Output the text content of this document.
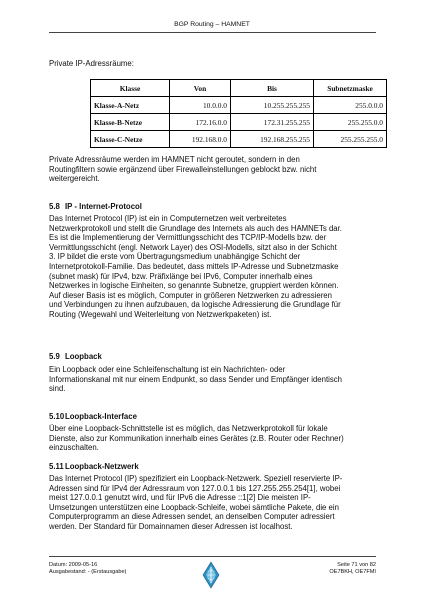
BGP Routing – HAMNET

Private IP-Adressräume:

Klasse	Von	Bis	Subnetzmaske
Klasse-A-Netz	10.0.0.0	10.255.255.255	255.0.0.0
Klasse-B-Netze	172.16.0.0	172.31.255.255	255.255.0.0
Klasse-C-Netze	192.168.0.0	192.168.255.255	255.255.255.0

Private Adressräume werden im HAMNET nicht geroutet, sondern in den
Routingfiltern sowie ergänzend über Firewalleinstellungen geblockt bzw. nicht
weitergereicht.

5.8 IP - Internet-Protocol

Das Internet Protocol (IP) ist ein in Computernetzen weit verbreitetes
Netzwerkprotokoll und stellt die Grundlage des Internets als auch des HAMNETs dar.
Es ist die Implementierung der Vermittlungsschicht des TCP/IP-Modells bzw. der
Vermittlungsschicht (engl. Network Layer) des OSI-Modells, sitzt also in der Schicht
3. IP bildet die erste vom Übertragungsmedium unabhängige Schicht der
Internetprotokoll-Familie. Das bedeutet, dass mittels IP-Adresse und Subnetzmaske
(subnet mask) für IPv4, bzw. Präfixlänge bei IPv6, Computer innerhalb eines
Netzwerkes in logische Einheiten, so genannte Subnetze, gruppiert werden können.
Auf dieser Basis ist es möglich, Computer in größeren Netzwerken zu adressieren
und Verbindungen zu ihnen aufzubauen, da logische Adressierung die Grundlage für
Routing (Wegewahl und Weiterleitung von Netzwerkpaketen) ist.

5.9 Loopback

Ein Loopback oder eine Schleifenschaltung ist ein Nachrichten- oder
Informationskanal mit nur einem Endpunkt, so dass Sender und Empfänger identisch
sind.

5.10Loopback-Interface

Über eine Loopback-Schnittstelle ist es möglich, das Netzwerkprotokoll für lokale
Dienste, also zur Kommunikation innerhalb eines Gerätes (z.B. Router oder Rechner)
einzuschalten.

5.11Loopback-Netzwerk

Das Internet Protocol (IP) spezifiziert ein Loopback-Netzwerk. Speziell reservierte IP-
Adressen sind für IPv4 der Adressraum von 127.0.0.1 bis 127.255.255.254[1], wobei
meist 127.0.0.1 genutzt wird, und für IPv6 die Adresse ::1[2] Die meisten IP-
Umsetzungen unterstützen eine Loopback-Schleife, wobei sämtliche Pakete, die ein
Computerprogramm an diese Adressen sendet, an denselben Computer adressiert
werden. Der Standard für Domainnamen dieser Adressen ist localhost.

Datum: 2009-05-16
Ausgabestand: - (Erstausgabe)
Seite 71 von 82
OE7BKH, OE7FMI
